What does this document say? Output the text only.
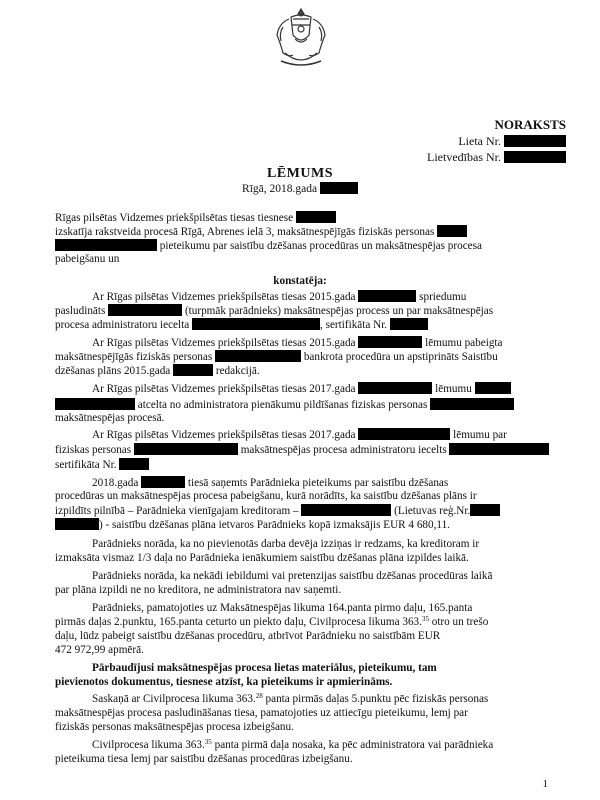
NORAKSTS
Lieta Nr.
Lietvedības Nr.
LĒMUMS
Rīgā, 2018.gada
Rīgas pilsētas Vidzemes priekšpilsētas tiesas tiesnese
izskatīja rakstveida procesā Rīgā, Abrenes ielā 3, maksātnespējīgās fiziskās personas
pieteikumu par saistību dzēšanas procedūras un maksātnespējas procesa
pabeigšanu un
konstatēja:
Ar Rīgas pilsētas Vidzemes priekšpilsētas tiesas 2015.gada	spriedumu
pasludināts	(turpmāk parādnieks) maksātnespējas process un par maksātnespējas
procesa administratoru iecelta	, sertifikāta Nr.
Ar Rīgas pilsētas Vidzemes priekšpilsētas tiesas 2015.gada	lēmumu pabeigta
maksātnespējīgās fiziskās personas	bankrota procedūra un apstiprināts Saistību
dzēšanas plāns 2015.gada	redakcijā.
Ar Rīgas pilsētas Vidzemes priekšpilsētas tiesas 2017.gada	lēmumu
atcelta no administratora pienākumu pildīšanas fiziskas personas
maksātnespējas procesā.
Ar Rīgas pilsētas Vidzemes priekšpilsētas tiesas 2017.gada	lēmumu par
fiziskas personas	maksātnespējas procesa administratoru iecelts
sertifikāta Nr.
2018.gada	tiesā saņemts Parādnieka pieteikums par saistību dzēšanas
procedūras un maksātnespējas procesa pabeigšanu, kurā norādīts, ka saistību dzēšanas plāns ir
izpildīts pilnībā – Parādnieka vienīgajam kreditoram –	(Lietuvas reģ.Nr.
) - saistību dzēšanas plāna ietvaros Parādnieks kopā izmaksājis EUR 4 680,11.
Parādnieks norāda, ka no pievienotās darba devēja izziņas ir redzams, ka kreditoram ir
izmaksāta vismaz 1/3 daļa no Parādnieka ienākumiem saistību dzēšanas plāna izpildes laikā.
Parādnieks norāda, ka nekādi iebildumi vai pretenzijas saistību dzēšanas procedūras laikā
par plāna izpildi ne no kreditora, ne administratora nav saņemti.
Parādnieks, pamatojoties uz Maksātnespējas likuma 164.panta pirmo daļu, 165.panta
pirmās daļas 2.punktu, 165.panta ceturto un piekto daļu, Civilprocesa likuma 363.35 otro un trešo
daļu, lūdz pabeigt saistību dzēšanas procedūru, atbrīvot Parādnieku no saistībām EUR
472 972,99 apmērā.
Pārbaudījusi maksātnespējas procesa lietas materiālus, pieteikumu, tam
pievienotos dokumentus, tiesnese atzīst, ka pieteikums ir apmierināms.
Saskaņā ar Civilprocesa likuma 363.28 panta pirmās daļas 5.punktu pēc fiziskās personas
maksātnespējas procesa pasludināšanas tiesa, pamatojoties uz attiecīgu pieteikumu, lemj par
fiziskās personas maksātnespējas procesa izbeigšanu.
Civilprocesa likuma 363.35 panta pirmā daļa nosaka, ka pēc administratora vai parādnieka
pieteikuma tiesa lemj par saistību dzēšanas procedūras izbeigšanu.
1
